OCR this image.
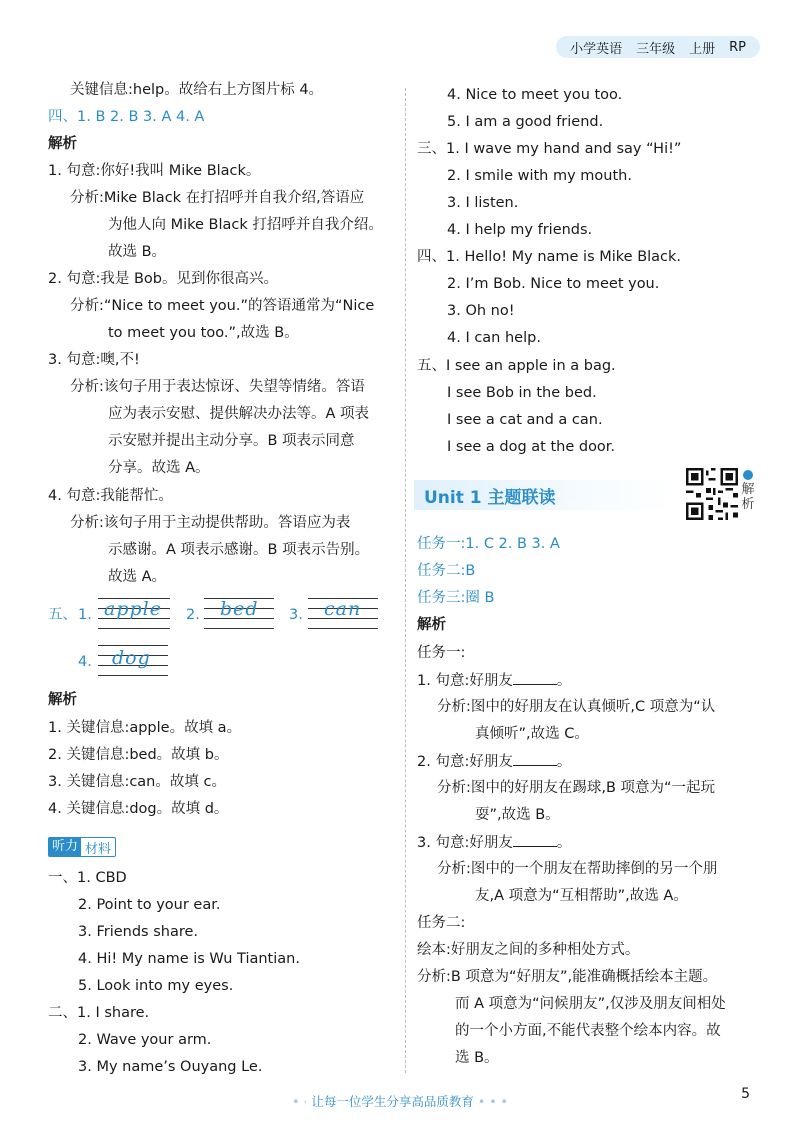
小学英语 三年级 上册 RP
关键信息:help。故给右上方图片标 4。
四、1. B 2. B 3. A 4. A
解析
1. 句意:你好!我叫 Mike Black。
分析:Mike Black 在打招呼并自我介绍,答语应
为他人向 Mike Black 打招呼并自我介绍。
故选 B。
2. 句意:我是 Bob。见到你很高兴。
分析:“Nice to meet you.”的答语通常为“Nice
to meet you too.”,故选 B。
3. 句意:噢,不!
分析:该句子用于表达惊讶、失望等情绪。答语
应为表示安慰、提供解决办法等。A 项表
示安慰并提出主动分享。B 项表示同意
分享。故选 A。
4. 句意:我能帮忙。
分析:该句子用于主动提供帮助。答语应为表
示感谢。A 项表示感谢。B 项表示告别。
故选 A。
五、 1. apple 2. bed 3. can
4. dog
解析
1. 关键信息:apple。故填 a。
2. 关键信息:bed。故填 b。
3. 关键信息:can。故填 c。
4. 关键信息:dog。故填 d。
听力 材料
一、1. CBD
2. Point to your ear.
3. Friends share.
4. Hi! My name is Wu Tiantian.
5. Look into my eyes.
二、1. I share.
2. Wave your arm.
3. My name’s Ouyang Le.
4. Nice to meet you too.
5. I am a good friend.
三、1. I wave my hand and say “Hi!”
2. I smile with my mouth.
3. I listen.
4. I help my friends.
四、1. Hello! My name is Mike Black.
2. I’m Bob. Nice to meet you.
3. Oh no!
4. I can help.
五、I see an apple in a bag.
I see Bob in the bed.
I see a cat and a can.
I see a dog at the door.
Unit 1 主题联读	解析
任务一:1. C 2. B 3. A
任务二:B
任务三:圈 B
解析
任务一:
1. 句意:好朋友	。
分析:图中的好朋友在认真倾听,C 项意为“认
真倾听”,故选 C。
2. 句意:好朋友	。
分析:图中的好朋友在踢球,B 项意为“一起玩
耍”,故选 B。
3. 句意:好朋友	。
分析:图中的一个朋友在帮助摔倒的另一个朋
友,A 项意为“互相帮助”,故选 A。
任务二:
绘本:好朋友之间的多种相处方式。
分析:B 项意为“好朋友”,能准确概括绘本主题。
而 A 项意为“问候朋友”,仅涉及朋友间相处
的一个小方面,不能代表整个绘本内容。故
选 B。
• · 让每一位学生分享高品质教育 • • •	5
